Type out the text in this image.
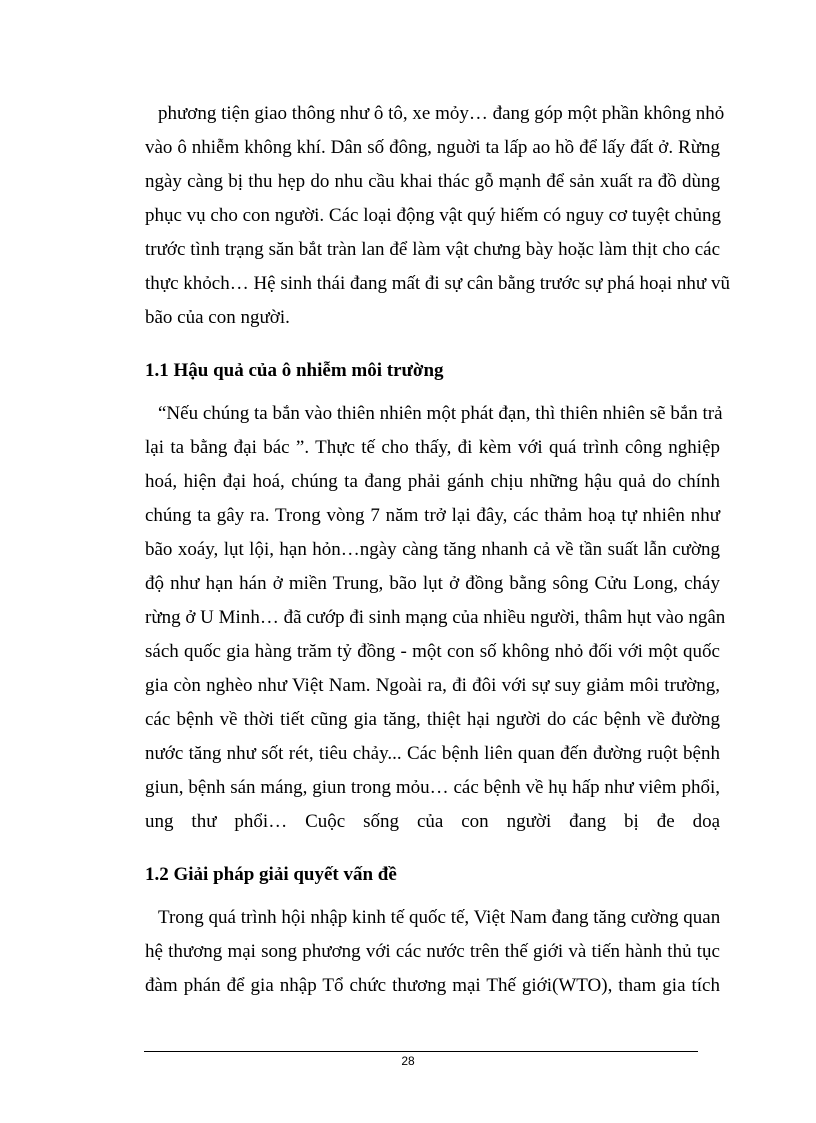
phương tiện giao thông như ô tô, xe mỏy… đang góp một phần không nhỏ

vào ô nhiễm không khí. Dân số đông, nguời ta lấp ao hồ để lấy đất ở. Rừng

ngày càng bị thu hẹp do nhu cầu khai thác gỗ mạnh để sản xuất ra đồ dùng

phục vụ cho con người. Các loại động vật quý hiếm có nguy cơ tuyệt chủng

trước tình trạng săn bắt tràn lan để làm vật chưng bày hoặc làm thịt cho các

thực khỏch… Hệ sinh thái đang mất đi sự cân bằng trước sự phá hoại như vũ

bão của con người.

1.1 Hậu quả của ô nhiễm môi trường

“Nếu chúng ta bắn vào thiên nhiên một phát đạn, thì thiên nhiên sẽ bắn trả

lại ta bằng đại bác ”. Thực tế cho thấy, đi kèm với quá trình công nghiệp

hoá, hiện đại hoá, chúng ta đang phải gánh chịu những hậu quả do chính

chúng ta gây ra. Trong vòng 7 năm trở lại đây, các thảm hoạ tự nhiên như

bão xoáy, lụt lội, hạn hỏn…ngày càng tăng nhanh cả về tần suất lẫn cường

độ như hạn hán ở miền Trung, bão lụt ở đồng bằng sông Cửu Long, cháy

rừng ở U Minh… đã cướp đi sinh mạng của nhiều người, thâm hụt vào ngân

sách quốc gia hàng trăm tỷ đồng - một con số không nhỏ đối với một quốc

gia còn nghèo như Việt Nam. Ngoài ra, đi đôi với sự suy giảm môi trường,

các bệnh về thời tiết cũng gia tăng, thiệt hại người do các bệnh về đường

nước tăng như sốt rét, tiêu chảy... Các bệnh liên quan đến đường ruột bệnh

giun, bệnh sán máng, giun trong mỏu… các bệnh về hụ hấp như viêm phổi,

ung thư phổi… Cuộc sống của con người đang bị đe doạ

1.2 Giải pháp giải quyết vấn đề

Trong quá trình hội nhập kinh tế quốc tế, Việt Nam đang tăng cường quan

hệ thương mại song phương với các nước trên thế giới và tiến hành thủ tục

đàm phán để gia nhập Tổ chức thương mại Thế giới(WTO), tham gia tích

28
